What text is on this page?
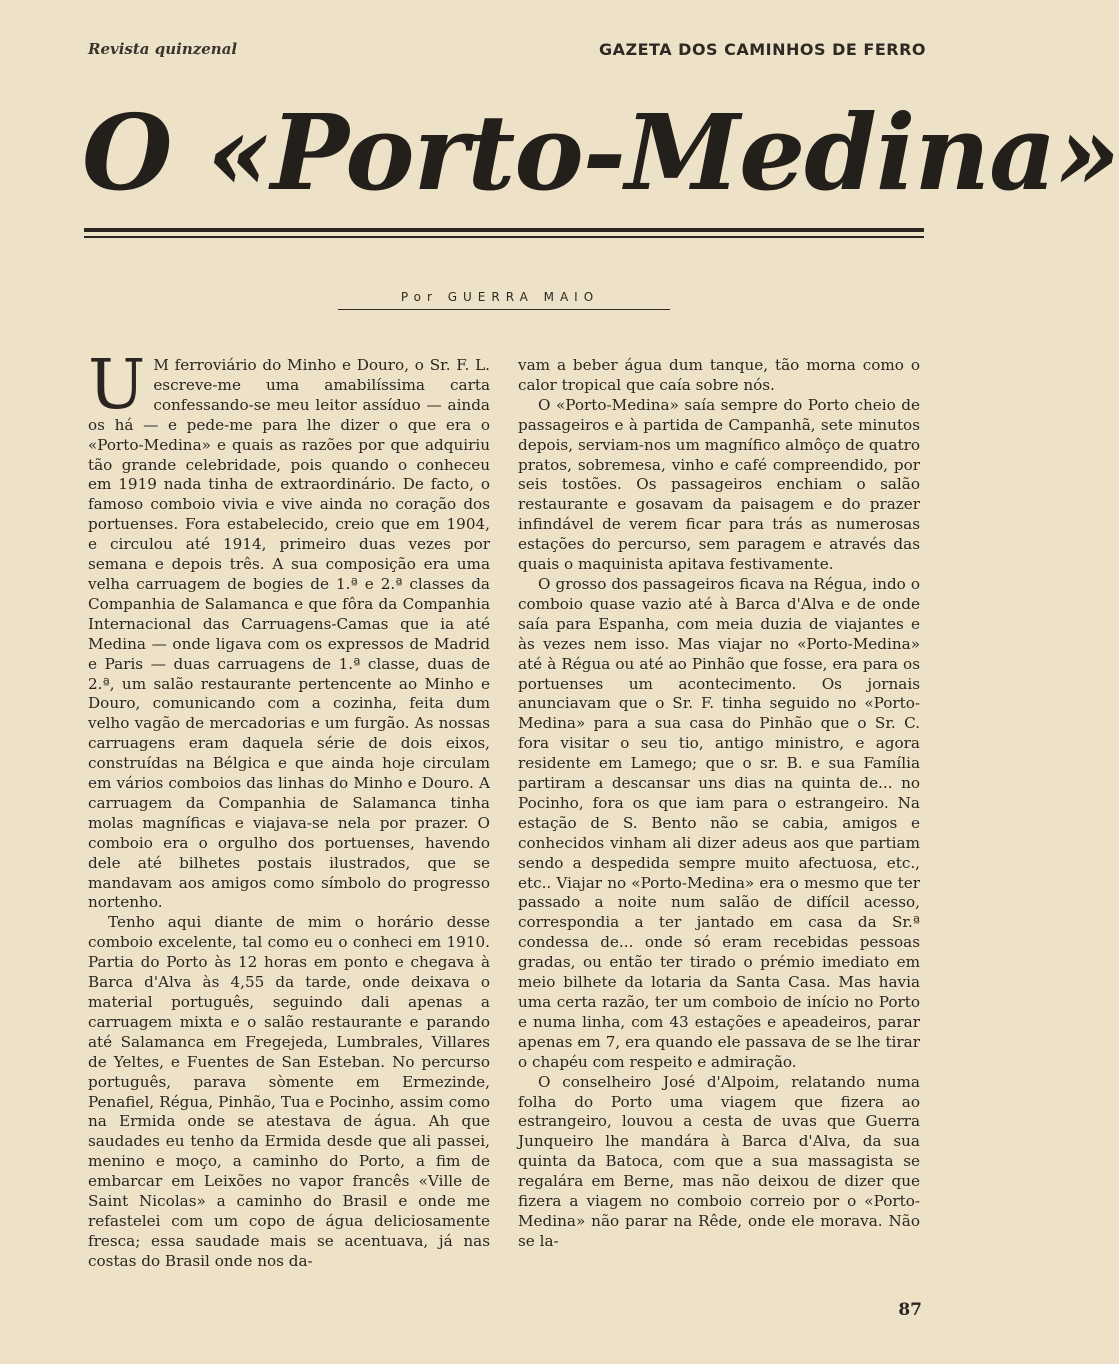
Revista quinzenal	GAZETA DOS CAMINHOS DE FERRO
O «Porto-Medina»
Por GUERRA MAIO

U M ferroviário do Minho e Douro, o Sr. F. L. escreve-me uma amabilíssima carta confessando-se meu leitor assíduo — ainda os há — e pede-me para lhe dizer o que era o «Porto-Medina» e quais as razões por que adquiriu tão grande celebridade, pois quando o conheceu em 1919 nada tinha de extraordinário. De facto, o famoso comboio vivia e vive ainda no coração dos portuenses. Fora estabelecido, creio que em 1904, e circulou até 1914, primeiro duas vezes por semana e depois três. A sua composição era uma velha carruagem de bogies de 1.ª e 2.ª classes da Companhia de Salamanca e que fôra da Companhia Internacional das Carruagens-Camas que ia até Medina — onde ligava com os expressos de Madrid e Paris — duas carruagens de 1.ª classe, duas de 2.ª, um salão restaurante pertencente ao Minho e Douro, comunicando com a cozinha, feita dum velho vagão de mercadorias e um furgão. As nossas carruagens eram daquela série de dois eixos, construídas na Bélgica e que ainda hoje circulam em vários comboios das linhas do Minho e Douro. A carruagem da Companhia de Salamanca tinha molas magníficas e viajava-se nela por prazer. O comboio era o orgulho dos portuenses, havendo dele até bilhetes postais ilustrados, que se mandavam aos amigos como símbolo do progresso nortenho.

Tenho aqui diante de mim o horário desse comboio excelente, tal como eu o conheci em 1910. Partia do Porto às 12 horas em ponto e chegava à Barca d'Alva às 4,55 da tarde, onde deixava o material português, seguindo dali apenas a carruagem mixta e o salão restaurante e parando até Salamanca em Fregejeda, Lumbrales, Villares de Yeltes, e Fuentes de San Esteban. No percurso português, parava sòmente em Ermezinde, Penafiel, Régua, Pinhão, Tua e Pocinho, assim como na Ermida onde se atestava de água. Ah que saudades eu tenho da Ermida desde que ali passei, menino e moço, a caminho do Porto, a fim de embarcar em Leixões no vapor francês «Ville de Saint Nicolas» a caminho do Brasil e onde me refastelei com um copo de água deliciosamente fresca; essa saudade mais se acentuava, já nas costas do Brasil onde nos da-

vam a beber água dum tanque, tão morna como o calor tropical que caía sobre nós.

O «Porto-Medina» saía sempre do Porto cheio de passageiros e à partida de Campanhã, sete minutos depois, serviam-nos um magnífico almôço de quatro pratos, sobremesa, vinho e café compreendido, por seis tostões. Os passageiros enchiam o salão restaurante e gosavam da paisagem e do prazer infindável de verem ficar para trás as numerosas estações do percurso, sem paragem e através das quais o maquinista apitava festivamente.

O grosso dos passageiros ficava na Régua, indo o comboio quase vazio até à Barca d'Alva e de onde saía para Espanha, com meia duzia de viajantes e às vezes nem isso. Mas viajar no «Porto-Medina» até à Régua ou até ao Pinhão que fosse, era para os portuenses um acontecimento. Os jornais anunciavam que o Sr. F. tinha seguido no «Porto-Medina» para a sua casa do Pinhão que o Sr. C. fora visitar o seu tio, antigo ministro, e agora residente em Lamego; que o sr. B. e sua Família partiram a descansar uns dias na quinta de... no Pocinho, fora os que iam para o estrangeiro. Na estação de S. Bento não se cabia, amigos e conhecidos vinham ali dizer adeus aos que partiam sendo a despedida sempre muito afectuosa, etc., etc.. Viajar no «Porto-Medina» era o mesmo que ter passado a noite num salão de difícil acesso, correspondia a ter jantado em casa da Sr.ª condessa de... onde só eram recebidas pessoas gradas, ou então ter tirado o prémio imediato em meio bilhete da lotaria da Santa Casa. Mas havia uma certa razão, ter um comboio de início no Porto e numa linha, com 43 estações e apeadeiros, parar apenas em 7, era quando ele passava de se lhe tirar o chapéu com respeito e admiração.

O conselheiro José d'Alpoim, relatando numa folha do Porto uma viagem que fizera ao estrangeiro, louvou a cesta de uvas que Guerra Junqueiro lhe mandára à Barca d'Alva, da sua quinta da Batoca, com que a sua massagista se regalára em Berne, mas não deixou de dizer que fizera a viagem no comboio correio por o «Porto-Medina» não parar na Rêde, onde ele morava. Não se la-

87
